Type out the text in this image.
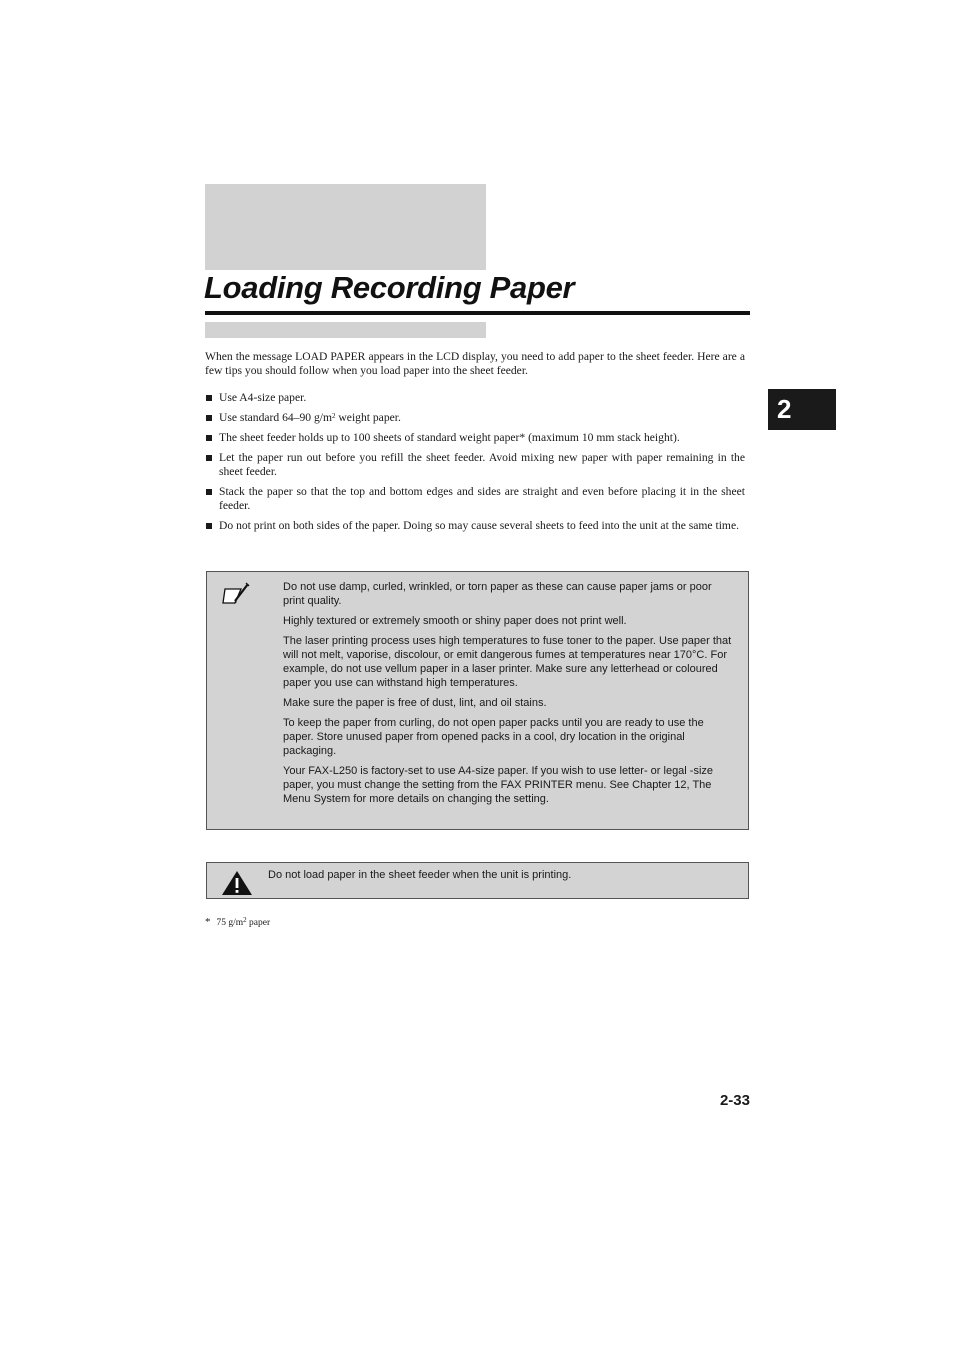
Loading Recording Paper
2

When the message LOAD PAPER appears in the LCD display, you need to add paper to the sheet feeder. Here are a few tips you should follow when you load paper into the sheet feeder.

Use A4-size paper.
Use standard 64–90 $g/m^2$ weight paper.
The sheet feeder holds up to 100 sheets of standard weight paper* (maximum 10 mm stack height).
Let the paper run out before you refill the sheet feeder. Avoid mixing new paper with paper remaining in the sheet feeder.
Stack the paper so that the top and bottom edges and sides are straight and even before placing it in the sheet feeder.
Do not print on both sides of the paper. Doing so may cause several sheets to feed into the unit at the same time.
Do not use damp, curled, wrinkled, or torn paper as these can cause paper jams or poor print quality.
Highly textured or extremely smooth or shiny paper does not print well.
The laser printing process uses high temperatures to fuse toner to the paper. Use paper that will not melt, vaporise, discolour, or emit dangerous fumes at temperatures near 170°C. For example, do not use vellum paper in a laser printer. Make sure any letterhead or coloured paper you use can withstand high temperatures.
Make sure the paper is free of dust, lint, and oil stains.
To keep the paper from curling, do not open paper packs until you are ready to use the paper. Store unused paper from opened packs in a cool, dry location in the original packaging.
Your FAX-L250 is factory-set to use A4-size paper. If you wish to use letter- or legal -size paper, you must change the setting from the FAX PRINTER menu. See Chapter 12, The Menu System for more details on changing the setting.

Do not load paper in the sheet feeder when the unit is printing.

* 75 $g/m^2$ paper

2-33
